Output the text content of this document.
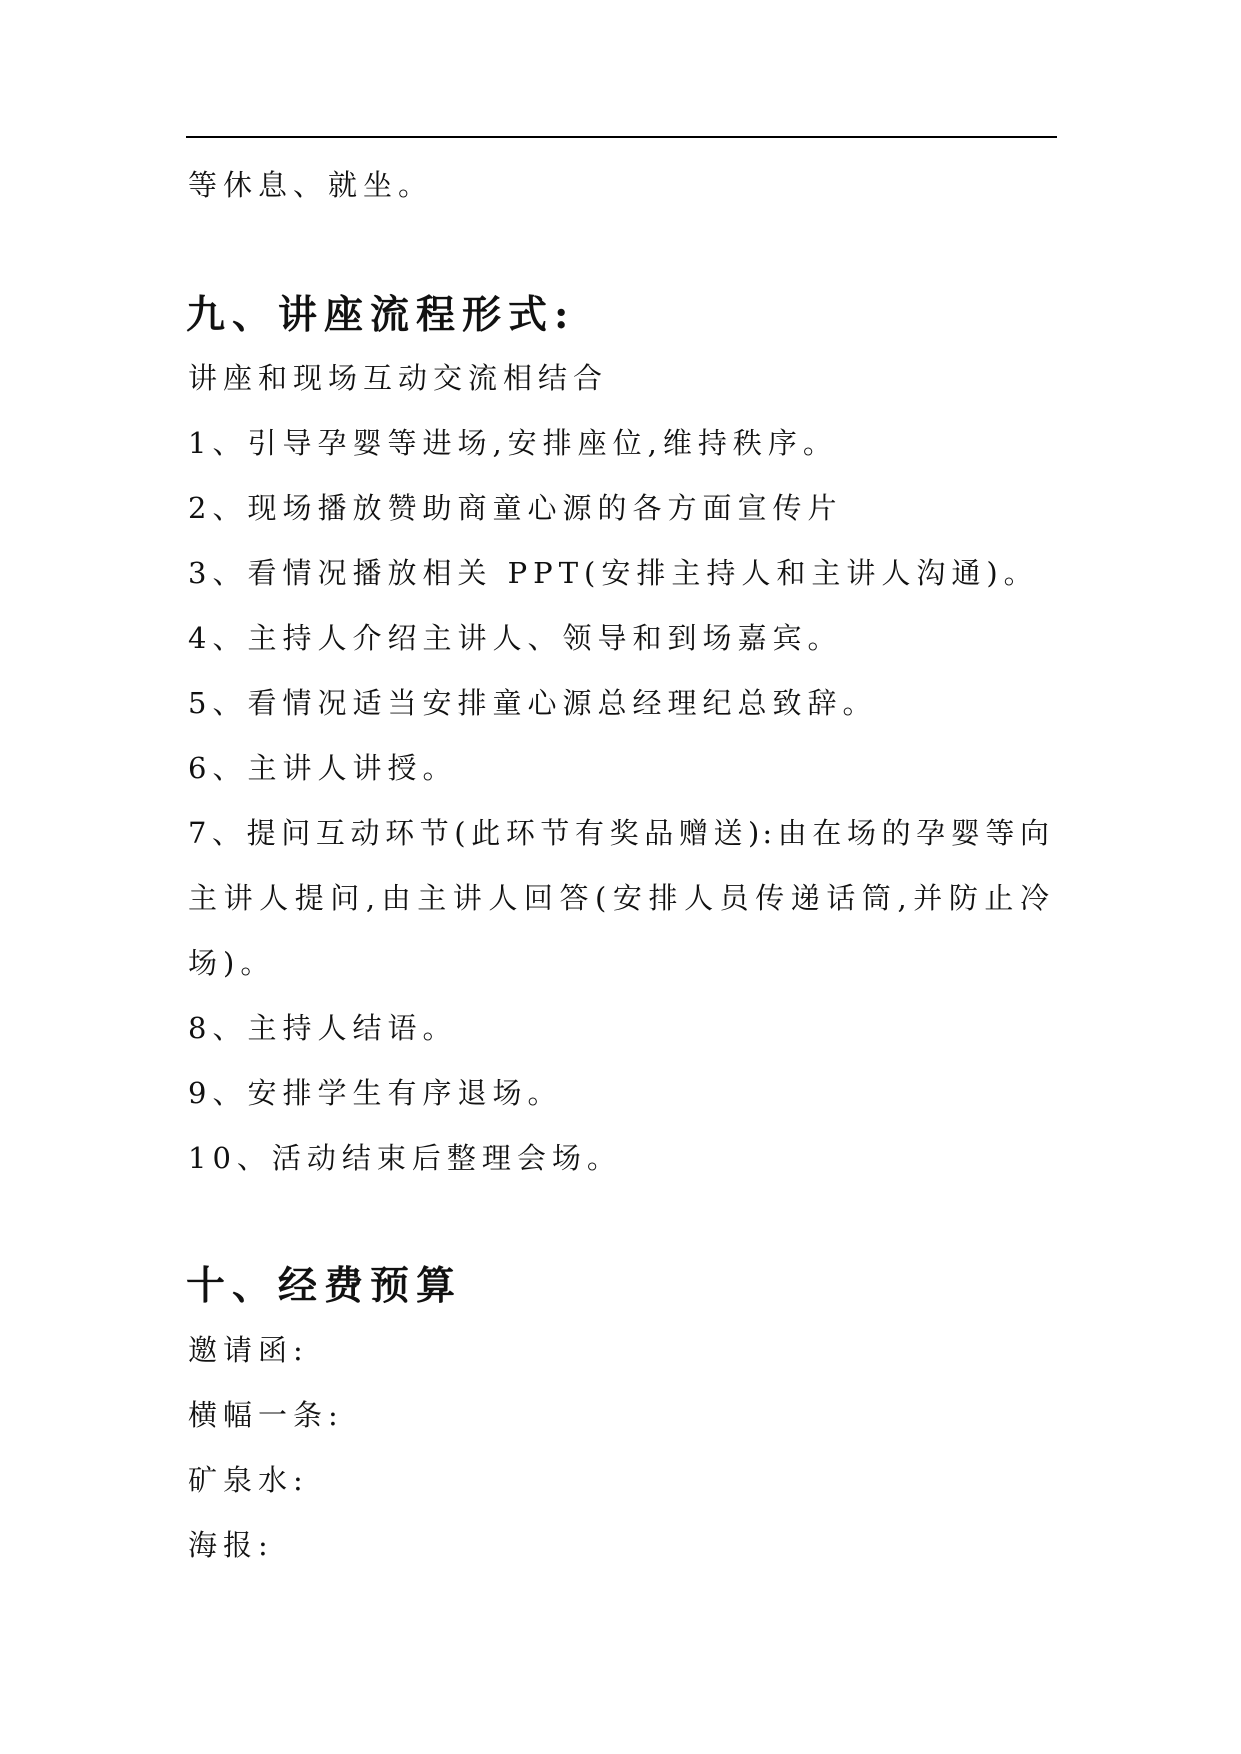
等休息、就坐。
九、讲座流程形式:
讲座和现场互动交流相结合
1、引导孕婴等进场,安排座位,维持秩序。
2、现场播放赞助商童心源的各方面宣传片
3、看情况播放相关 PPT(安排主持人和主讲人沟通)。
4、主持人介绍主讲人、领导和到场嘉宾。
5、看情况适当安排童心源总经理纪总致辞。
6、主讲人讲授。
7、提问互动环节(此环节有奖品赠送):由在场的孕婴等向
主讲人提问,由主讲人回答(安排人员传递话筒,并防止冷
场)。
8、主持人结语。
9、安排学生有序退场。
10、活动结束后整理会场。
十、经费预算
邀请函:
横幅一条:
矿泉水:
海报:
